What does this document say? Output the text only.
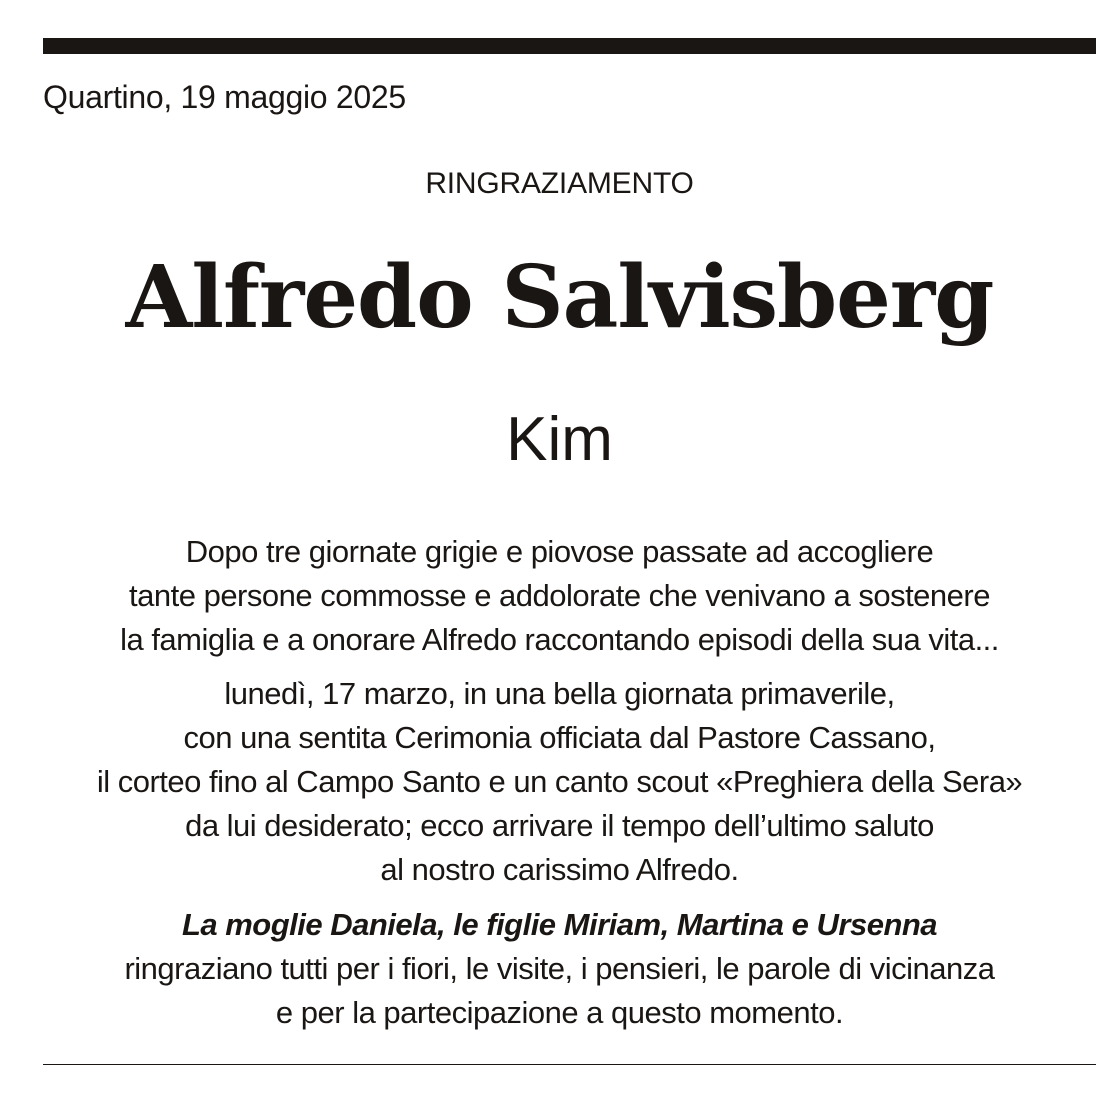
Quartino, 19 maggio 2025
RINGRAZIAMENTO
Alfredo Salvisberg
Kim
Dopo tre giornate grigie e piovose passate ad accogliere
tante persone commosse e addolorate che venivano a sostenere
la famiglia e a onorare Alfredo raccontando episodi della sua vita...
lunedì, 17 marzo, in una bella giornata primaverile,
con una sentita Cerimonia officiata dal Pastore Cassano,
il corteo fino al Campo Santo e un canto scout «Preghiera della Sera»
da lui desiderato; ecco arrivare il tempo dell’ultimo saluto
al nostro carissimo Alfredo.
La moglie Daniela, le figlie Miriam, Martina e Ursenna
ringraziano tutti per i fiori, le visite, i pensieri, le parole di vicinanza
e per la partecipazione a questo momento.
